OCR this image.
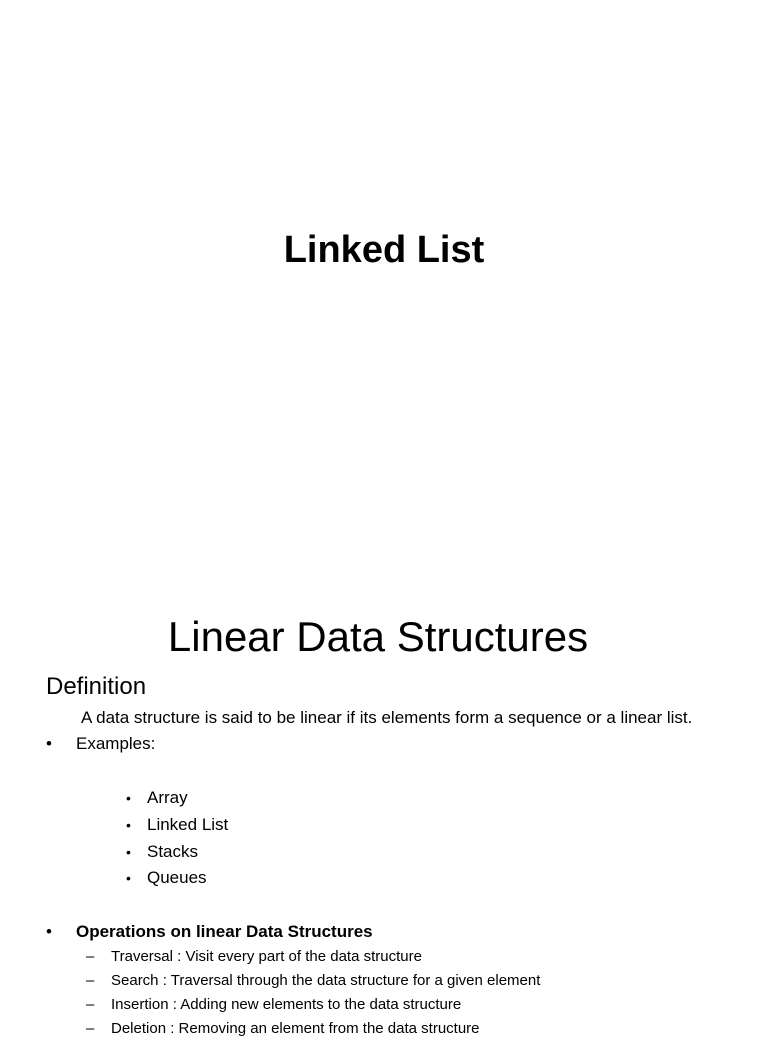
Linked List
Linear Data Structures
Definition
A data structure is said to be linear if its elements form a sequence or a linear list.
• Examples:
• Array
• Linked List
• Stacks
• Queues
• Operations on linear Data Structures
– Traversal : Visit every part of the data structure
– Search : Traversal through the data structure for a given element
– Insertion : Adding new elements to the data structure
– Deletion : Removing an element from the data structure
